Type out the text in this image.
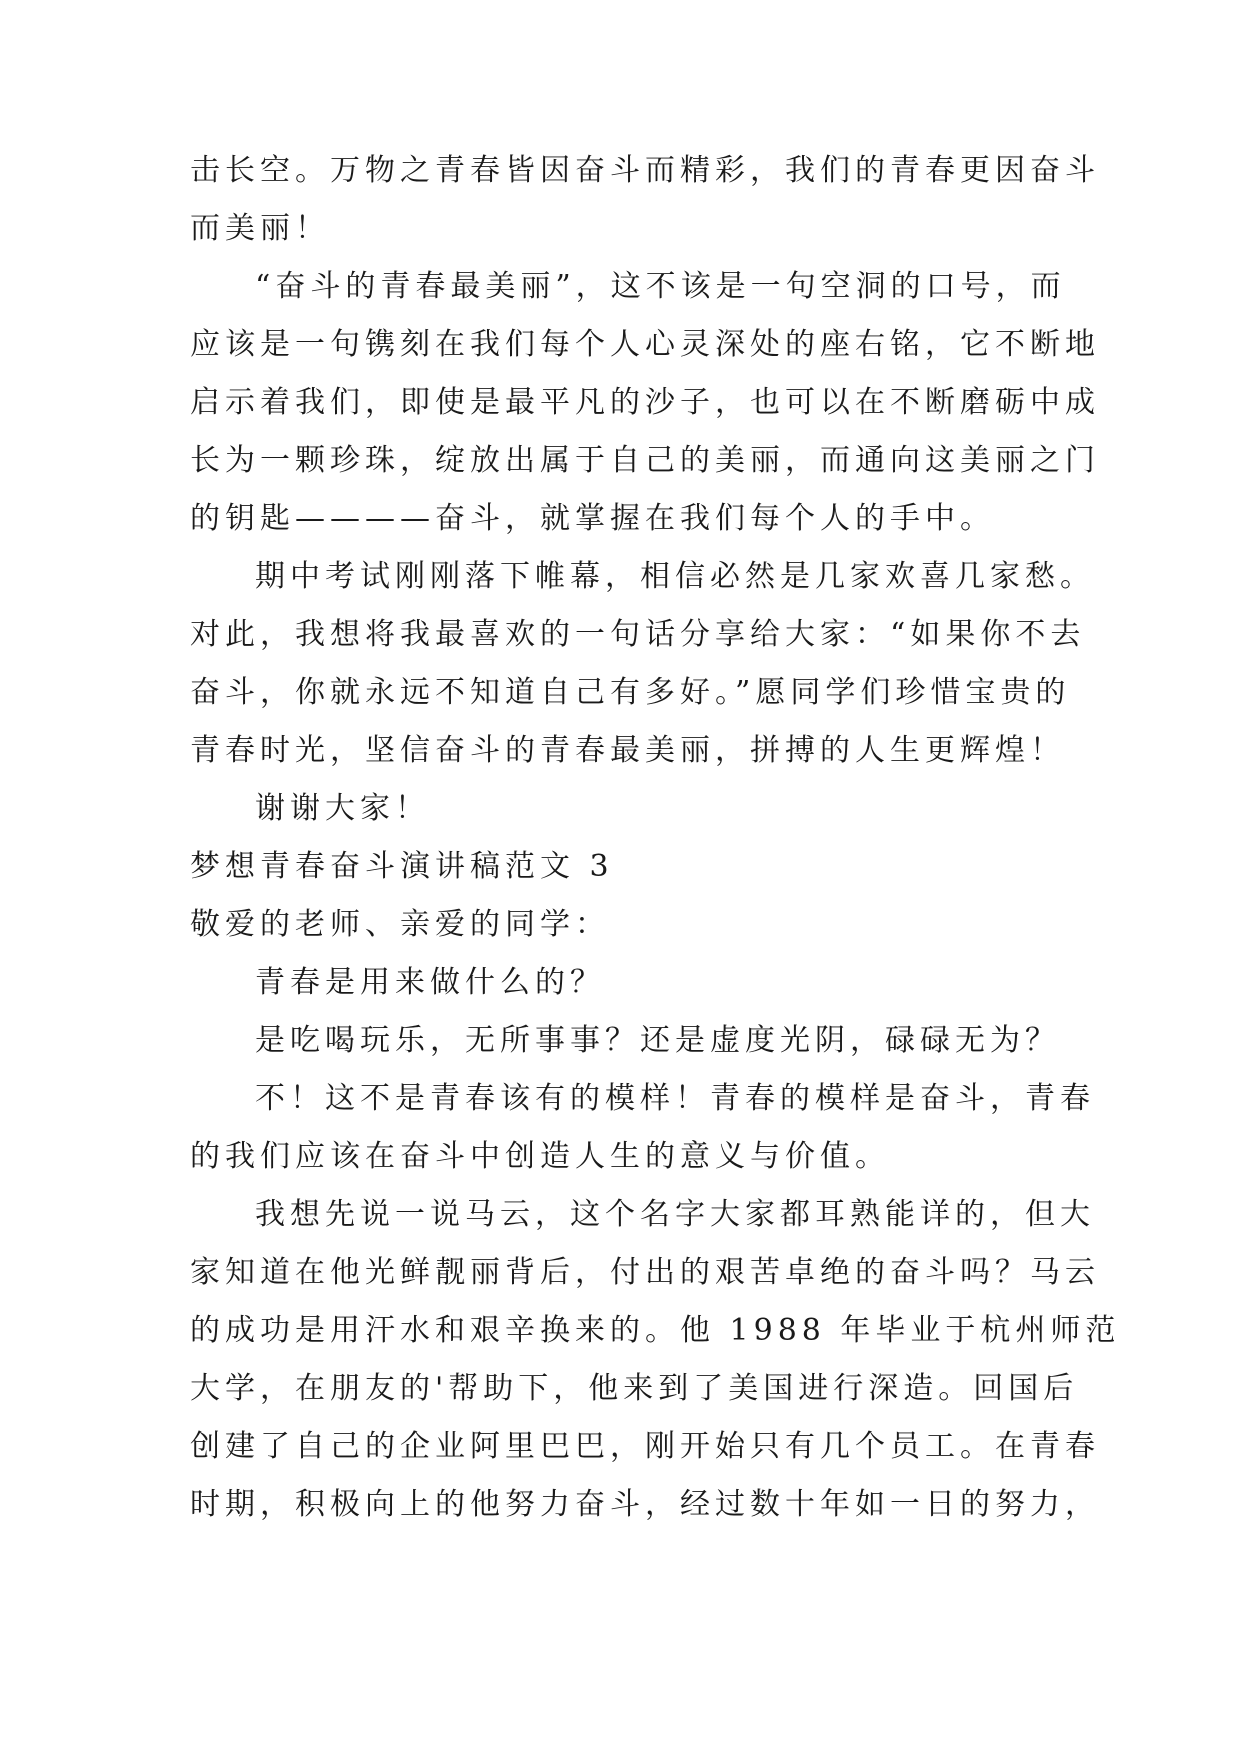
击长空。万物之青春皆因奋斗而精彩，我们的青春更因奋斗
而美丽！
“奋斗的青春最美丽”，这不该是一句空洞的口号，而
应该是一句镌刻在我们每个人心灵深处的座右铭，它不断地
启示着我们，即使是最平凡的沙子，也可以在不断磨砺中成
长为一颗珍珠，绽放出属于自己的美丽，而通向这美丽之门
的钥匙————奋斗，就掌握在我们每个人的手中。
期中考试刚刚落下帷幕，相信必然是几家欢喜几家愁。
对此，我想将我最喜欢的一句话分享给大家：“如果你不去
奋斗，你就永远不知道自己有多好。”愿同学们珍惜宝贵的
青春时光，坚信奋斗的青春最美丽，拼搏的人生更辉煌！
谢谢大家！
梦想青春奋斗演讲稿范文 3
敬爱的老师、亲爱的同学：
青春是用来做什么的？
是吃喝玩乐，无所事事？还是虚度光阴，碌碌无为？
不！这不是青春该有的模样！青春的模样是奋斗，青春
的我们应该在奋斗中创造人生的意义与价值。
我想先说一说马云，这个名字大家都耳熟能详的，但大
家知道在他光鲜靓丽背后，付出的艰苦卓绝的奋斗吗？马云
的成功是用汗水和艰辛换来的。他 1988 年毕业于杭州师范
大学，在朋友的'帮助下，他来到了美国进行深造。回国后
创建了自己的企业阿里巴巴，刚开始只有几个员工。在青春
时期，积极向上的他努力奋斗，经过数十年如一日的努力，
